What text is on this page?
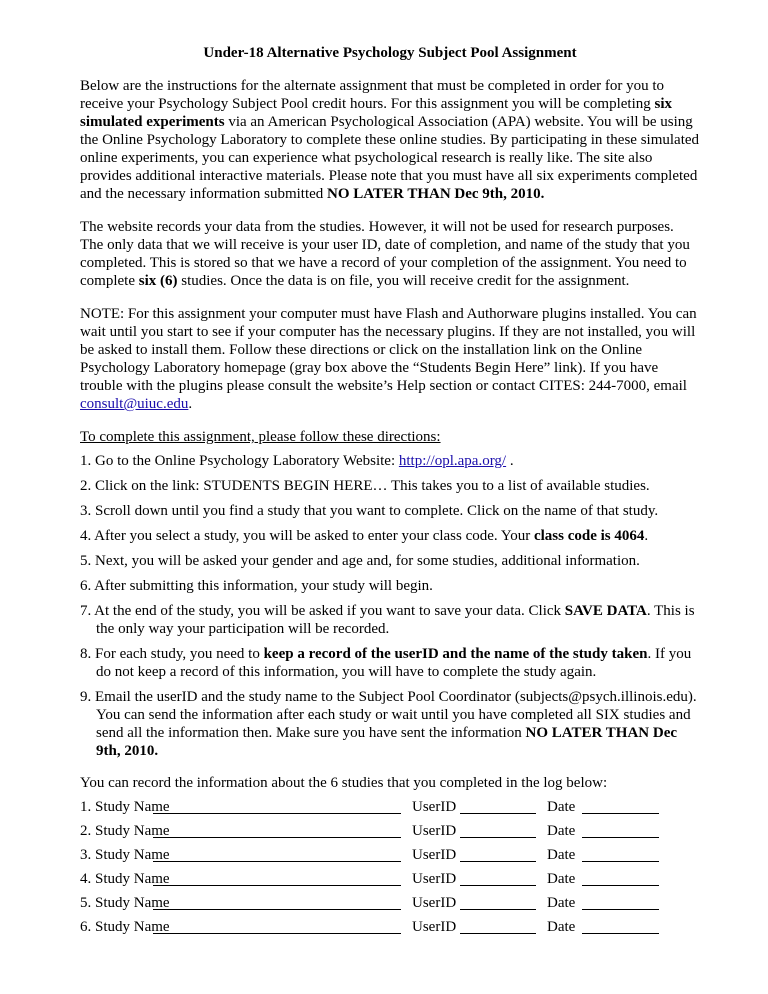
Under-18 Alternative Psychology Subject Pool Assignment

Below are the instructions for the alternate assignment that must be completed in order for you to receive your Psychology Subject Pool credit hours. For this assignment you will be completing six simulated experiments via an American Psychological Association (APA) website. You will be using the Online Psychology Laboratory to complete these online studies. By participating in these simulated online experiments, you can experience what psychological research is really like. The site also provides additional interactive materials. Please note that you must have all six experiments completed and the necessary information submitted NO LATER THAN Dec 9th, 2010.

The website records your data from the studies. However, it will not be used for research purposes. The only data that we will receive is your user ID, date of completion, and name of the study that you completed. This is stored so that we have a record of your completion of the assignment. You need to complete six (6) studies. Once the data is on file, you will receive credit for the assignment.

NOTE: For this assignment your computer must have Flash and Authorware plugins installed. You can wait until you start to see if your computer has the necessary plugins. If they are not installed, you will be asked to install them. Follow these directions or click on the installation link on the Online Psychology Laboratory homepage (gray box above the “Students Begin Here” link). If you have trouble with the plugins please consult the website’s Help section or contact CITES: 244-7000, email consult@uiuc.edu.

To complete this assignment, please follow these directions:
1. Go to the Online Psychology Laboratory Website: http://opl.apa.org/ .
2. Click on the link: STUDENTS BEGIN HERE… This takes you to a list of available studies.
3. Scroll down until you find a study that you want to complete. Click on the name of that study.
4. After you select a study, you will be asked to enter your class code. Your class code is 4064.
5. Next, you will be asked your gender and age and, for some studies, additional information.
6. After submitting this information, your study will begin.
7. At the end of the study, you will be asked if you want to save your data. Click SAVE DATA. This is the only way your participation will be recorded.
8. For each study, you need to keep a record of the userID and the name of the study taken. If you do not keep a record of this information, you will have to complete the study again.
9. Email the userID and the study name to the Subject Pool Coordinator (subjects@psych.illinois.edu). You can send the information after each study or wait until you have completed all SIX studies and send all the information then. Make sure you have sent the information NO LATER THAN Dec 9th, 2010.
You can record the information about the 6 studies that you completed in the log below:
1. Study Name	UserID	Date
2. Study Name	UserID	Date
3. Study Name	UserID	Date
4. Study Name	UserID	Date
5. Study Name	UserID	Date
6. Study Name	UserID	Date
